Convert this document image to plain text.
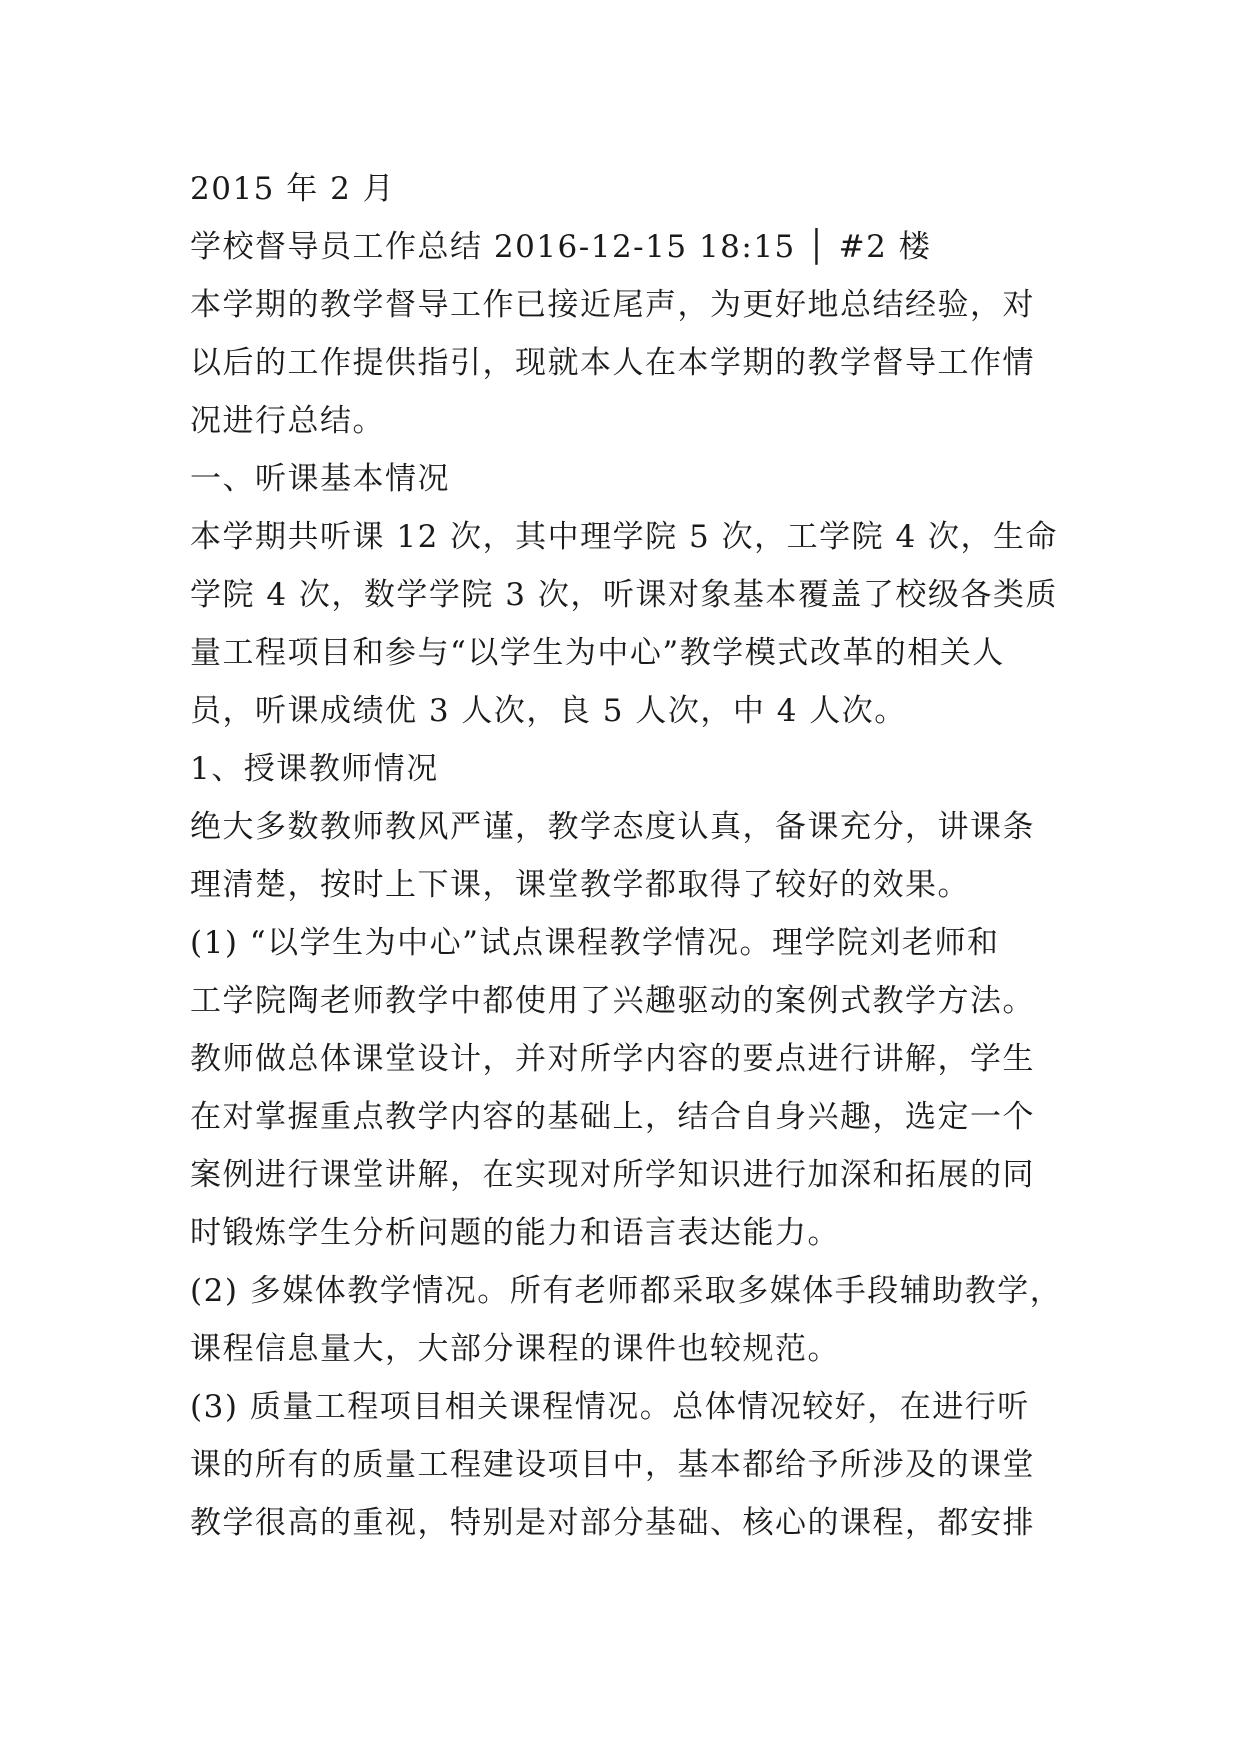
2015 年 2 月
学校督导员工作总结 2016-12-15 18:15 │ #2 楼
本学期的教学督导工作已接近尾声，为更好地总结经验，对
以后的工作提供指引，现就本人在本学期的教学督导工作情
况进行总结。
一、听课基本情况
本学期共听课 12 次，其中理学院 5 次，工学院 4 次，生命
学院 4 次，数学学院 3 次，听课对象基本覆盖了校级各类质
量工程项目和参与“以学生为中心”教学模式改革的相关人
员，听课成绩优 3 人次，良 5 人次，中 4 人次。
1、授课教师情况
绝大多数教师教风严谨，教学态度认真，备课充分，讲课条
理清楚，按时上下课，课堂教学都取得了较好的效果。
(1) “以学生为中心”试点课程教学情况。理学院刘老师和
工学院陶老师教学中都使用了兴趣驱动的案例式教学方法。
教师做总体课堂设计，并对所学内容的要点进行讲解，学生
在对掌握重点教学内容的基础上，结合自身兴趣，选定一个
案例进行课堂讲解，在实现对所学知识进行加深和拓展的同
时锻炼学生分析问题的能力和语言表达能力。
(2) 多媒体教学情况。所有老师都采取多媒体手段辅助教学，
课程信息量大，大部分课程的课件也较规范。
(3) 质量工程项目相关课程情况。总体情况较好，在进行听
课的所有的质量工程建设项目中，基本都给予所涉及的课堂
教学很高的重视，特别是对部分基础、核心的课程，都安排
